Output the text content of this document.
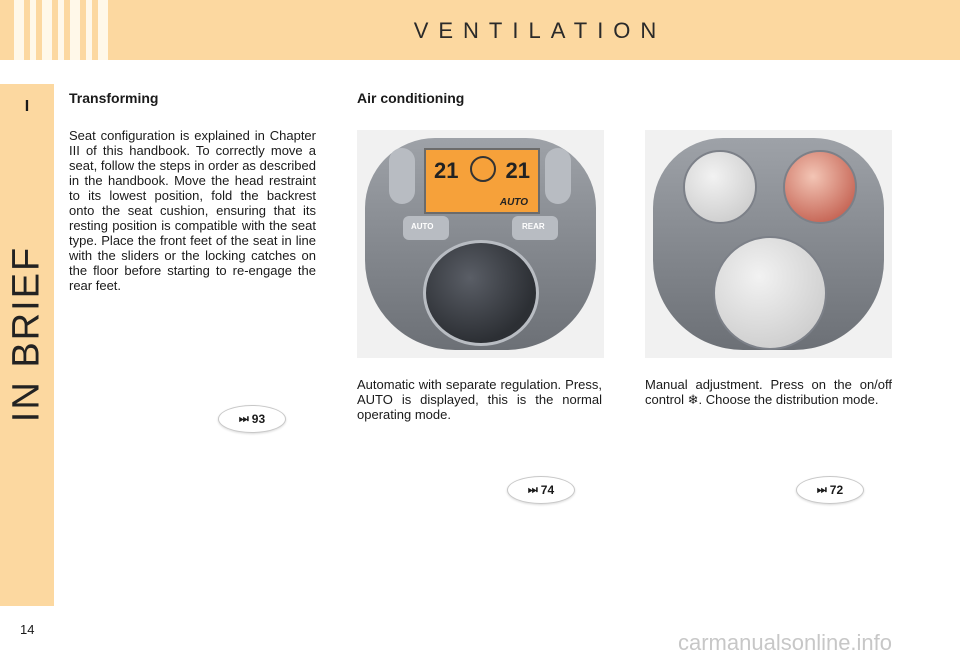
VENTILATION
I
IN BRIEF
14
Transforming

Seat configuration is explained in Chapter III of this handbook. To correctly move a seat, follow the steps in order as described in the handbook. Move the head restraint to its lowest position, fold the backrest onto the seat cushion, ensuring that its resting position is compatible with the seat type. Place the front feet of the seat in line with the sliders or the locking catches on the floor before starting to re-engage the rear feet.

⏭ 93
Air conditioning
21 21
AUTO
AUTO	REAR

Automatic with separate regulation. Press, AUTO is displayed, this is the normal operating mode.

⏭ 74

Manual adjustment. Press on the on/off control ❄. Choose the distribution mode.

⏭ 72
carmanualsonline.info
